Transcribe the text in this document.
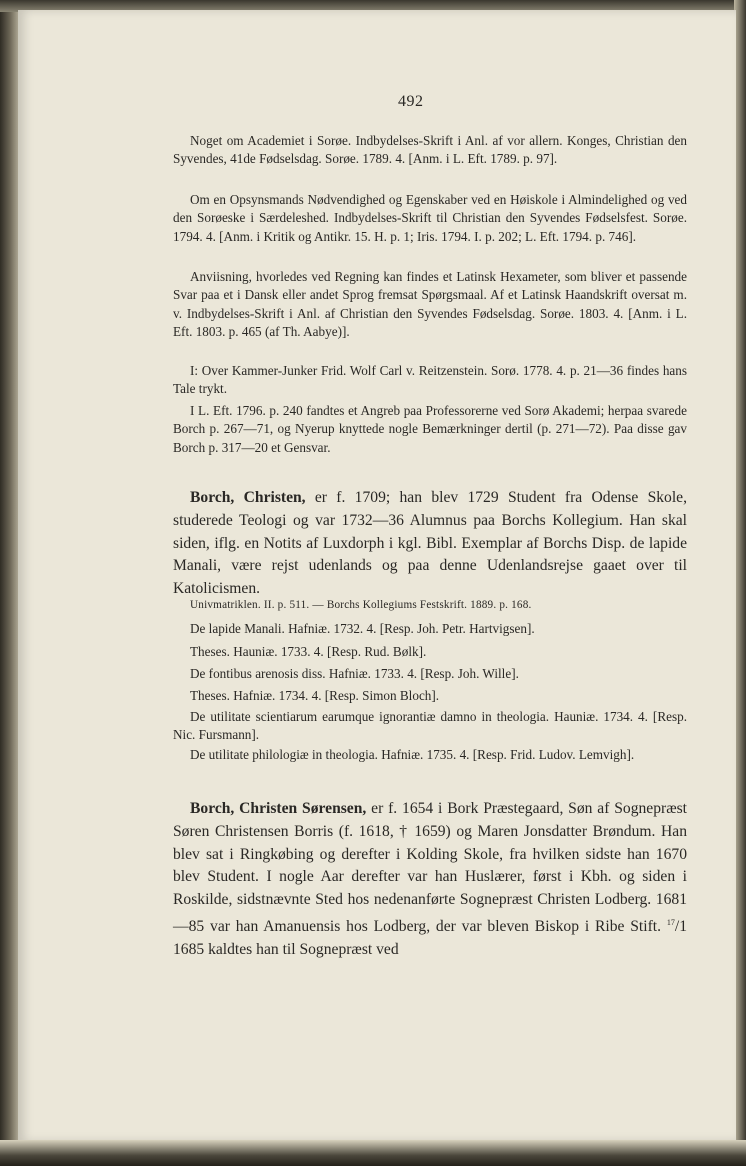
492

Noget om Academiet i Sorøe. Indbydelses-Skrift i Anl. af vor allern. Konges, Christian den Syvendes, 41de Fødselsdag. Sorøe. 1789. 4. [Anm. i L. Eft. 1789. p. 97].

Om en Opsynsmands Nødvendighed og Egenskaber ved en Høiskole i Almindelighed og ved den Sorøeske i Særdeleshed. Indbydelses-Skrift til Christian den Syvendes Fødselsfest. Sorøe. 1794. 4. [Anm. i Kritik og Antikr. 15. H. p. 1; Iris. 1794. I. p. 202; L. Eft. 1794. p. 746].

Anviisning, hvorledes ved Regning kan findes et Latinsk Hexameter, som bliver et passende Svar paa et i Dansk eller andet Sprog fremsat Spørgsmaal. Af et Latinsk Haandskrift oversat m. v. Indbydelses-Skrift i Anl. af Christian den Syvendes Fødselsdag. Sorøe. 1803. 4. [Anm. i L. Eft. 1803. p. 465 (af Th. Aabye)].

I: Over Kammer-Junker Frid. Wolf Carl v. Reitzenstein. Sorø. 1778. 4. p. 21—36 findes hans Tale trykt.

I L. Eft. 1796. p. 240 fandtes et Angreb paa Professorerne ved Sorø Akademi; herpaa svarede Borch p. 267—71, og Nyerup knyttede nogle Bemærkninger dertil (p. 271—72). Paa disse gav Borch p. 317—20 et Gensvar.

Borch, Christen, er f. 1709; han blev 1729 Student fra Odense Skole, studerede Teologi og var 1732—36 Alumnus paa Borchs Kollegium. Han skal siden, iflg. en Notits af Luxdorph i kgl. Bibl. Exemplar af Borchs Disp. de lapide Manali, være rejst udenlands og paa denne Udenlandsrejse gaaet over til Katolicismen.

Univmatriklen. II. p. 511. — Borchs Kollegiums Festskrift. 1889. p. 168.

De lapide Manali. Hafniæ. 1732. 4. [Resp. Joh. Petr. Hartvigsen].

Theses. Hauniæ. 1733. 4. [Resp. Rud. Bølk].

De fontibus arenosis diss. Hafniæ. 1733. 4. [Resp. Joh. Wille].

Theses. Hafniæ. 1734. 4. [Resp. Simon Bloch].

De utilitate scientiarum earumque ignorantiæ damno in theologia. Hauniæ. 1734. 4. [Resp. Nic. Fursmann].

De utilitate philologiæ in theologia. Hafniæ. 1735. 4. [Resp. Frid. Ludov. Lemvigh].

Borch, Christen Sørensen, er f. 1654 i Bork Præstegaard, Søn af Sognepræst Søren Christensen Borris (f. 1618, † 1659) og Maren Jonsdatter Brøndum. Han blev sat i Ringkøbing og derefter i Kolding Skole, fra hvilken sidste han 1670 blev Student. I nogle Aar derefter var han Huslærer, først i Kbh. og siden i Roskilde, sidstnævnte Sted hos nedenanførte Sognepræst Christen Lodberg. 1681—85 var han Amanuensis hos Lodberg, der var bleven Biskop i Ribe Stift. $^{17}$/1 1685 kaldtes han til Sognepræst ved
